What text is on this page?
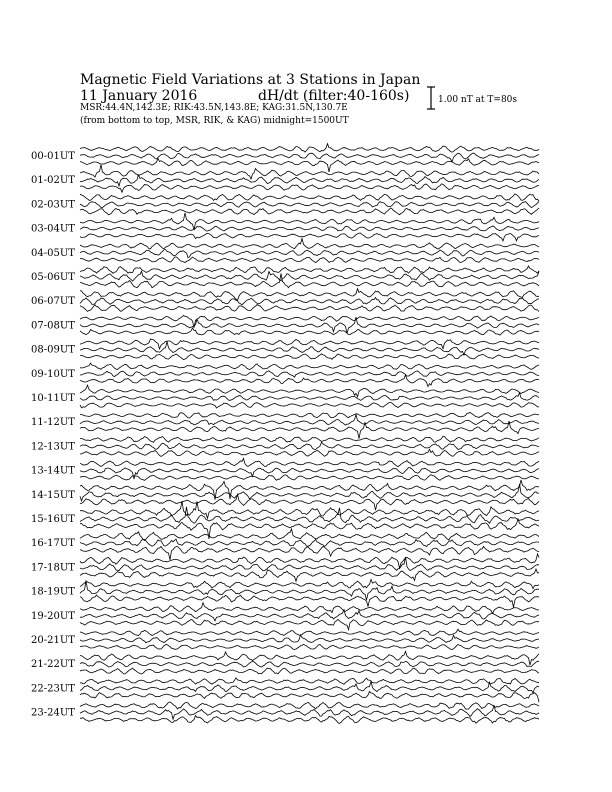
Magnetic Field Variations at 3 Stations in Japan
11 January 2016	dH/dt (filter:40-160s)
MSR:44.4N,142.3E; RIK:43.5N,143.8E; KAG:31.5N,130.7E
(from bottom to top, MSR, RIK, & KAG) midnight=1500UT
1.00 nT at T=80s
00-01UT
01-02UT
02-03UT
03-04UT
04-05UT
05-06UT
06-07UT
07-08UT
08-09UT
09-10UT
10-11UT
11-12UT
12-13UT
13-14UT
14-15UT
15-16UT
16-17UT
17-18UT
18-19UT
19-20UT
20-21UT
21-22UT
22-23UT
23-24UT
